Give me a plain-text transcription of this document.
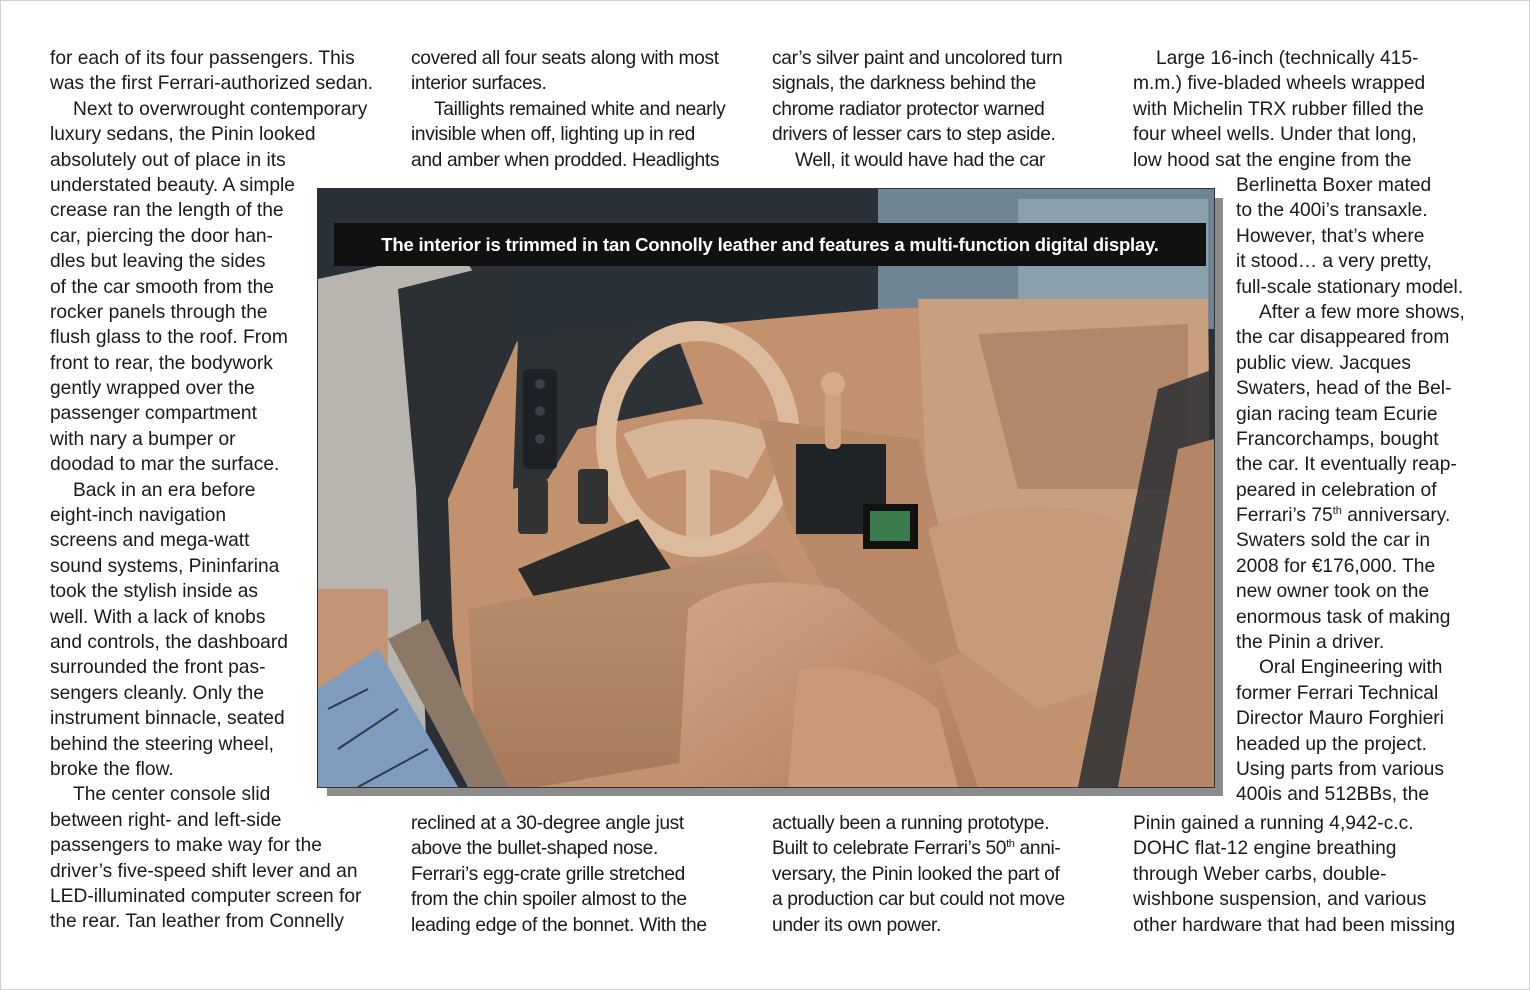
for each of its four passengers. This
was the first Ferrari-authorized sedan.
Next to overwrought contemporary
luxury sedans, the Pinin looked
absolutely out of place in its
understated beauty. A simple
crease ran the length of the
car, piercing the door han-
dles but leaving the sides
of the car smooth from the
rocker panels through the
flush glass to the roof. From
front to rear, the bodywork
gently wrapped over the
passenger compartment
with nary a bumper or
doodad to mar the surface.
Back in an era before
eight-inch navigation
screens and mega-watt
sound systems, Pininfarina
took the stylish inside as
well. With a lack of knobs
and controls, the dashboard
surrounded the front pas-
sengers cleanly. Only the
instrument binnacle, seated
behind the steering wheel,
broke the flow.
The center console slid
between right- and left-side
passengers to make way for the
driver’s five-speed shift lever and an
LED-illuminated computer screen for
the rear. Tan leather from Connelly
covered all four seats along with most
interior surfaces.
Taillights remained white and nearly
invisible when off, lighting up in red
and amber when prodded. Headlights
reclined at a 30-degree angle just
above the bullet-shaped nose.
Ferrari’s egg-crate grille stretched
from the chin spoiler almost to the
leading edge of the bonnet. With the
car’s silver paint and uncolored turn
signals, the darkness behind the
chrome radiator protector warned
drivers of lesser cars to step aside.
Well, it would have had the car
actually been a running prototype.
Built to celebrate Ferrari’s 50th anni-
versary, the Pinin looked the part of
a production car but could not move
under its own power.
Large 16-inch (technically 415-
m.m.) five-bladed wheels wrapped
with Michelin TRX rubber filled the
four wheel wells. Under that long,
low hood sat the engine from the
Berlinetta Boxer mated
to the 400i’s transaxle.
However, that’s where
it stood… a very pretty,
full-scale stationary model.
After a few more shows,
the car disappeared from
public view. Jacques
Swaters, head of the Bel-
gian racing team Ecurie
Francorchamps, bought
the car. It eventually reap-
peared in celebration of
Ferrari’s 75th anniversary.
Swaters sold the car in
2008 for €176,000. The
new owner took on the
enormous task of making
the Pinin a driver.
Oral Engineering with
former Ferrari Technical
Director Mauro Forghieri
headed up the project.
Using parts from various
400is and 512BBs, the
Pinin gained a running 4,942-c.c.
DOHC flat-12 engine breathing
through Weber carbs, double-
wishbone suspension, and various
other hardware that had been missing
The interior is trimmed in tan Connolly leather and features a multi-function digital display.
